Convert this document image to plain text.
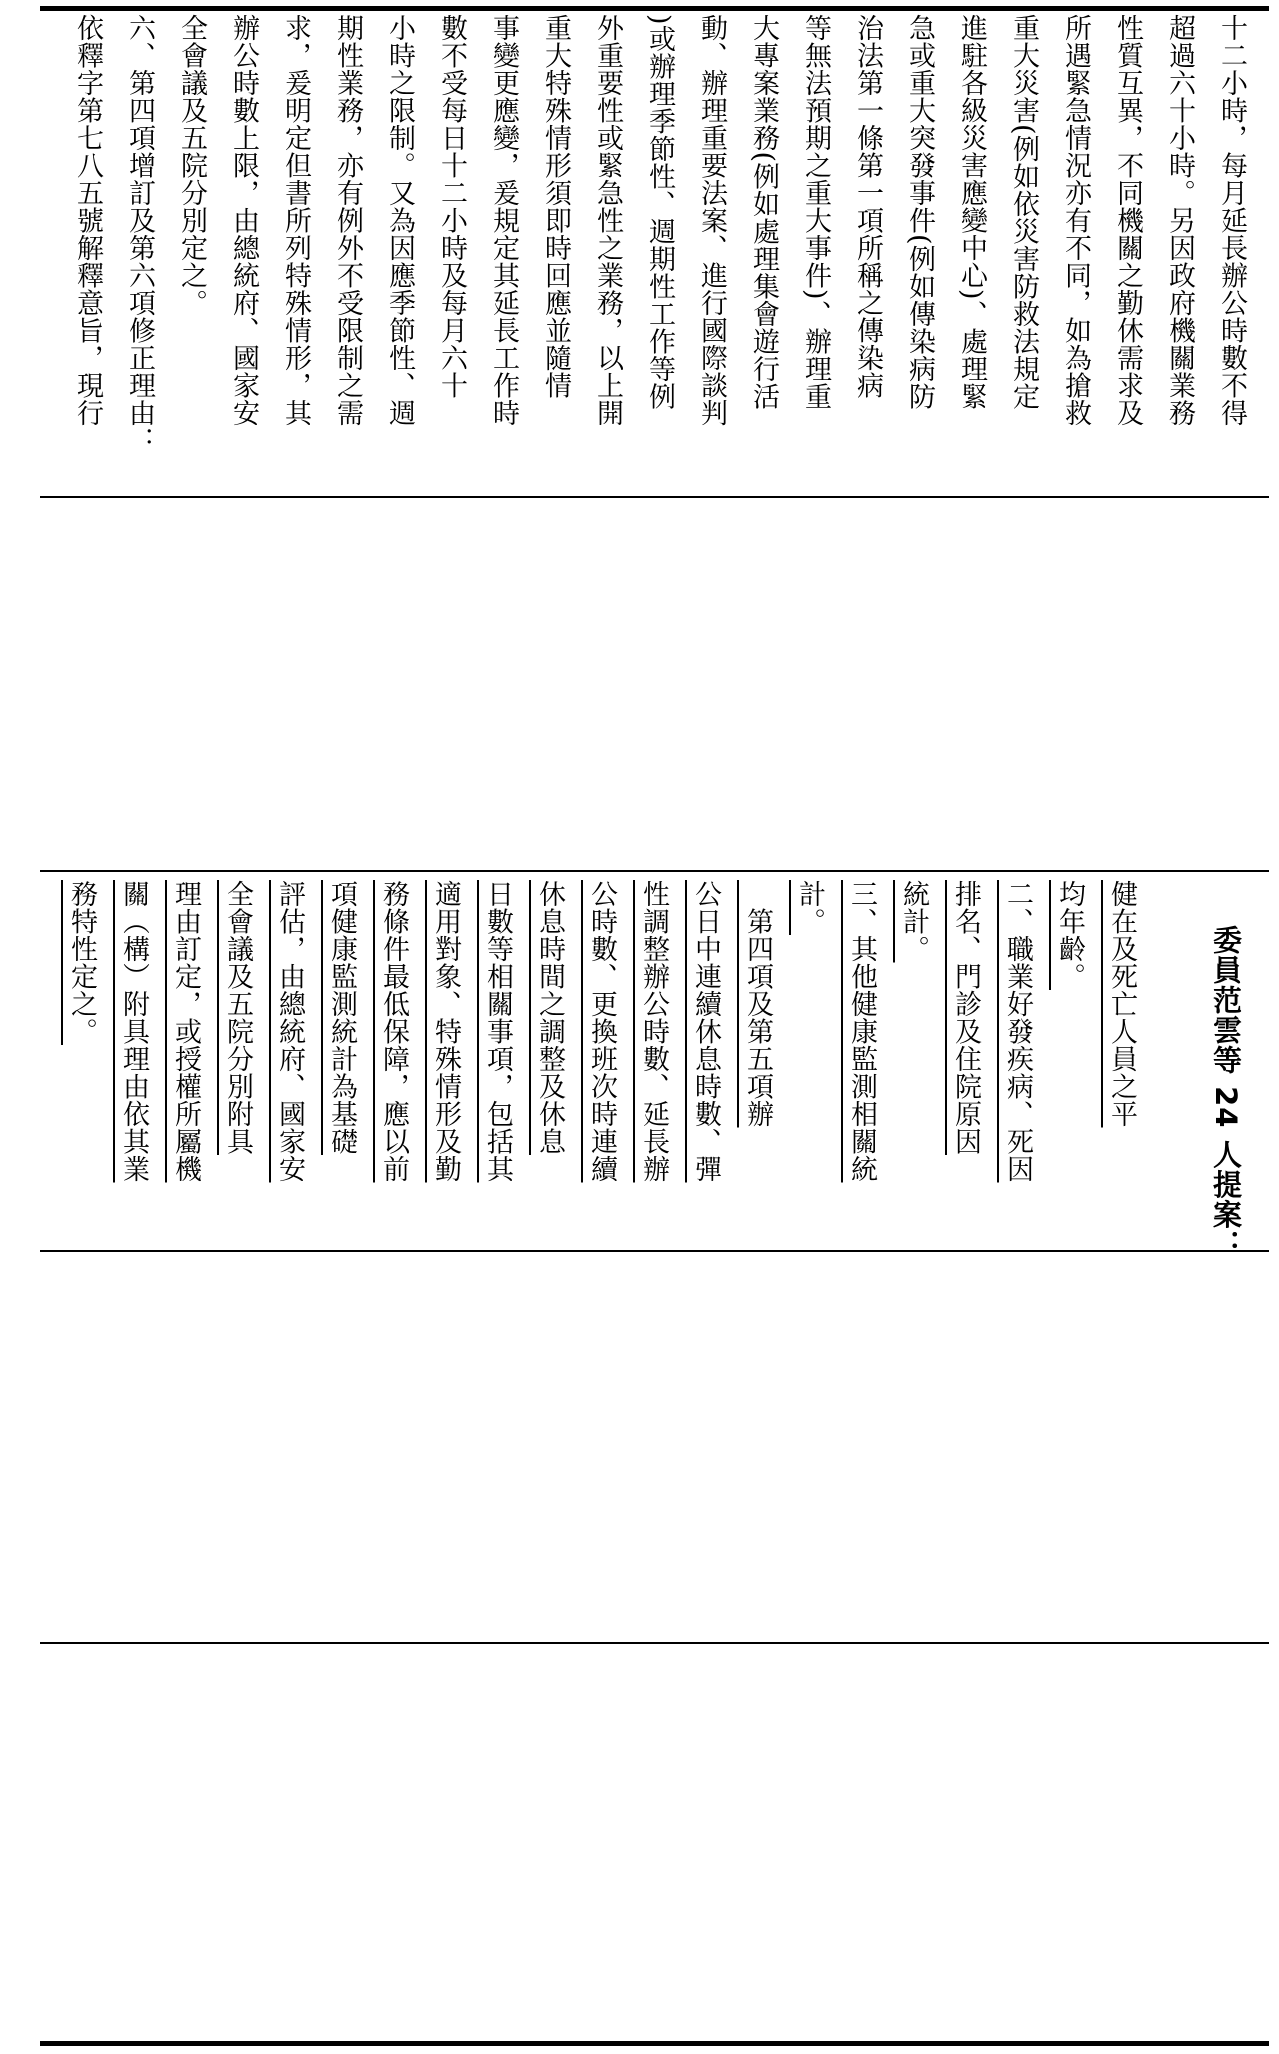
十二小時，每月延長辦公時數不得

超過六十小時。另因政府機關業務

性質互異，不同機關之勤休需求及

所遇緊急情況亦有不同，如為搶救

重大災害(例如依災害防救法規定

進駐各級災害應變中心)、處理緊

急或重大突發事件(例如傳染病防

治法第一條第一項所稱之傳染病

等無法預期之重大事件)、辦理重

大專案業務(例如處理集會遊行活

動、辦理重要法案、進行國際談判

)或辦理季節性、週期性工作等例

外重要性或緊急性之業務，以上開

重大特殊情形須即時回應並隨情

事變更應變，爰規定其延長工作時

數不受每日十二小時及每月六十

小時之限制。又為因應季節性、週

期性業務，亦有例外不受限制之需

求，爰明定但書所列特殊情形，其

辦公時數上限，由總統府、國家安

全會議及五院分別定之。

六、第四項增訂及第六項修正理由：

依釋字第七八五號解釋意旨，現行

健在及死亡人員之平

均年齡。

二、職業好發疾病、死因

排名、門診及住院原因

統計。

三、其他健康監測相關統

計。

　第四項及第五項辦

公日中連續休息時數、彈

性調整辦公時數、延長辦

公時數、更換班次時連續

休息時間之調整及休息

日數等相關事項，包括其

適用對象、特殊情形及勤

務條件最低保障，應以前

項健康監測統計為基礎

評估，由總統府、國家安

全會議及五院分別附具

理由訂定，或授權所屬機

關（構）附具理由依其業

務特性定之。	委員范雲等 24 人提案：
